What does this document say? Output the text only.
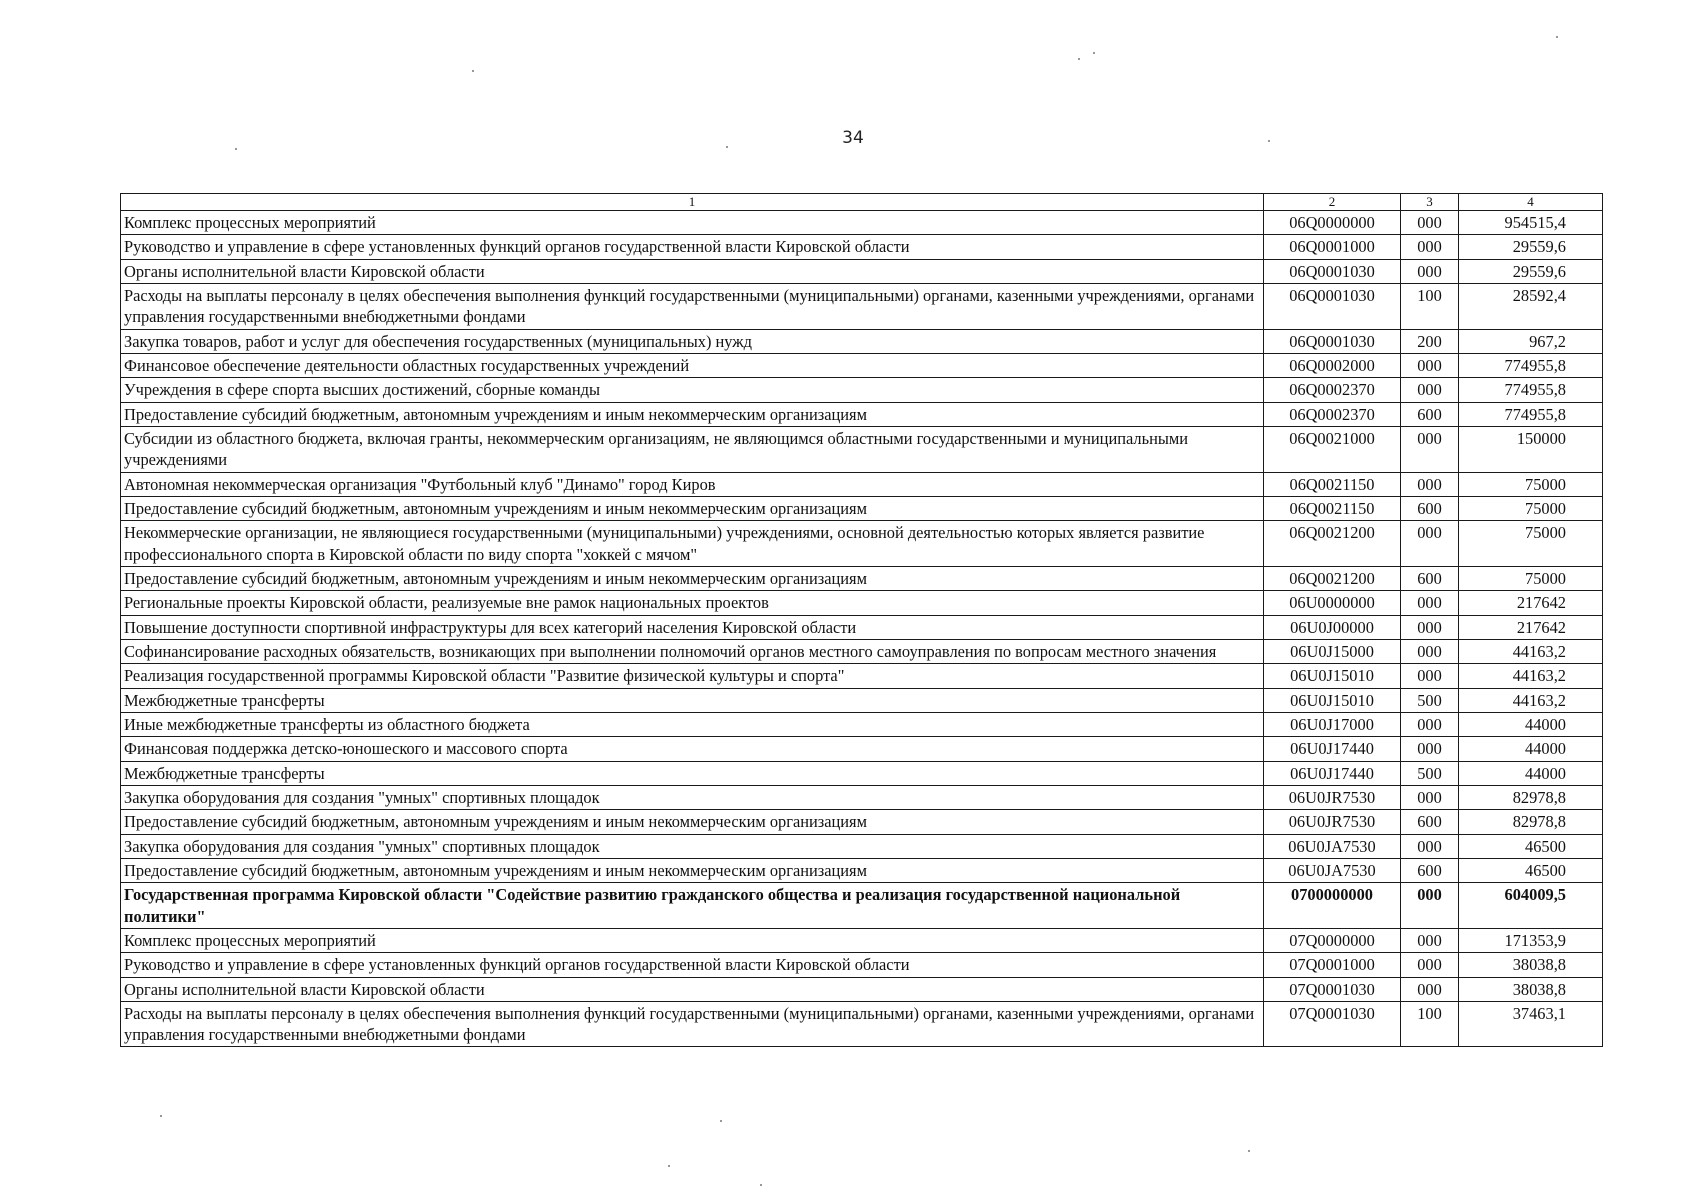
34
1	2	3	4
Комплекс процессных мероприятий	06Q0000000	000	954515,4
Руководство и управление в сфере установленных функций органов государственной власти Кировской области	06Q0001000	000	29559,6
Органы исполнительной власти Кировской области	06Q0001030	000	29559,6
Расходы на выплаты персоналу в целях обеспечения выполнения функций государственными (муниципальными) органами, казенными учреждениями, органами управления государственными внебюджетными фондами	06Q0001030	100	28592,4
Закупка товаров, работ и услуг для обеспечения государственных (муниципальных) нужд	06Q0001030	200	967,2
Финансовое обеспечение деятельности областных государственных учреждений	06Q0002000	000	774955,8
Учреждения в сфере спорта высших достижений, сборные команды	06Q0002370	000	774955,8
Предоставление субсидий бюджетным, автономным учреждениям и иным некоммерческим организациям	06Q0002370	600	774955,8
Субсидии из областного бюджета, включая гранты, некоммерческим организациям, не являющимся областными государственными и муниципальными учреждениями	06Q0021000	000	150000
Автономная некоммерческая организация "Футбольный клуб "Динамо" город Киров	06Q0021150	000	75000
Предоставление субсидий бюджетным, автономным учреждениям и иным некоммерческим организациям	06Q0021150	600	75000
Некоммерческие организации, не являющиеся государственными (муниципальными) учреждениями, основной деятельностью которых является развитие профессионального спорта в Кировской области по виду спорта "хоккей с мячом"	06Q0021200	000	75000
Предоставление субсидий бюджетным, автономным учреждениям и иным некоммерческим организациям	06Q0021200	600	75000
Региональные проекты Кировской области, реализуемые вне рамок национальных проектов	06U0000000	000	217642
Повышение доступности спортивной инфраструктуры для всех категорий населения Кировской области	06U0J00000	000	217642
Софинансирование расходных обязательств, возникающих при выполнении полномочий органов местного самоуправления по вопросам местного значения	06U0J15000	000	44163,2
Реализация государственной программы Кировской области "Развитие физической культуры и спорта"	06U0J15010	000	44163,2
Межбюджетные трансферты	06U0J15010	500	44163,2
Иные межбюджетные трансферты из областного бюджета	06U0J17000	000	44000
Финансовая поддержка детско-юношеского и массового спорта	06U0J17440	000	44000
Межбюджетные трансферты	06U0J17440	500	44000
Закупка оборудования для создания "умных" спортивных площадок	06U0JR7530	000	82978,8
Предоставление субсидий бюджетным, автономным учреждениям и иным некоммерческим организациям	06U0JR7530	600	82978,8
Закупка оборудования для создания "умных" спортивных площадок	06U0JA7530	000	46500
Предоставление субсидий бюджетным, автономным учреждениям и иным некоммерческим организациям	06U0JA7530	600	46500
Государственная программа Кировской области "Содействие развитию гражданского общества и реализация государственной национальной политики"	0700000000	000	604009,5
Комплекс процессных мероприятий	07Q0000000	000	171353,9
Руководство и управление в сфере установленных функций органов государственной власти Кировской области	07Q0001000	000	38038,8
Органы исполнительной власти Кировской области	07Q0001030	000	38038,8
Расходы на выплаты персоналу в целях обеспечения выполнения функций государственными (муниципальными) органами, казенными учреждениями, органами управления государственными внебюджетными фондами	07Q0001030	100	37463,1
